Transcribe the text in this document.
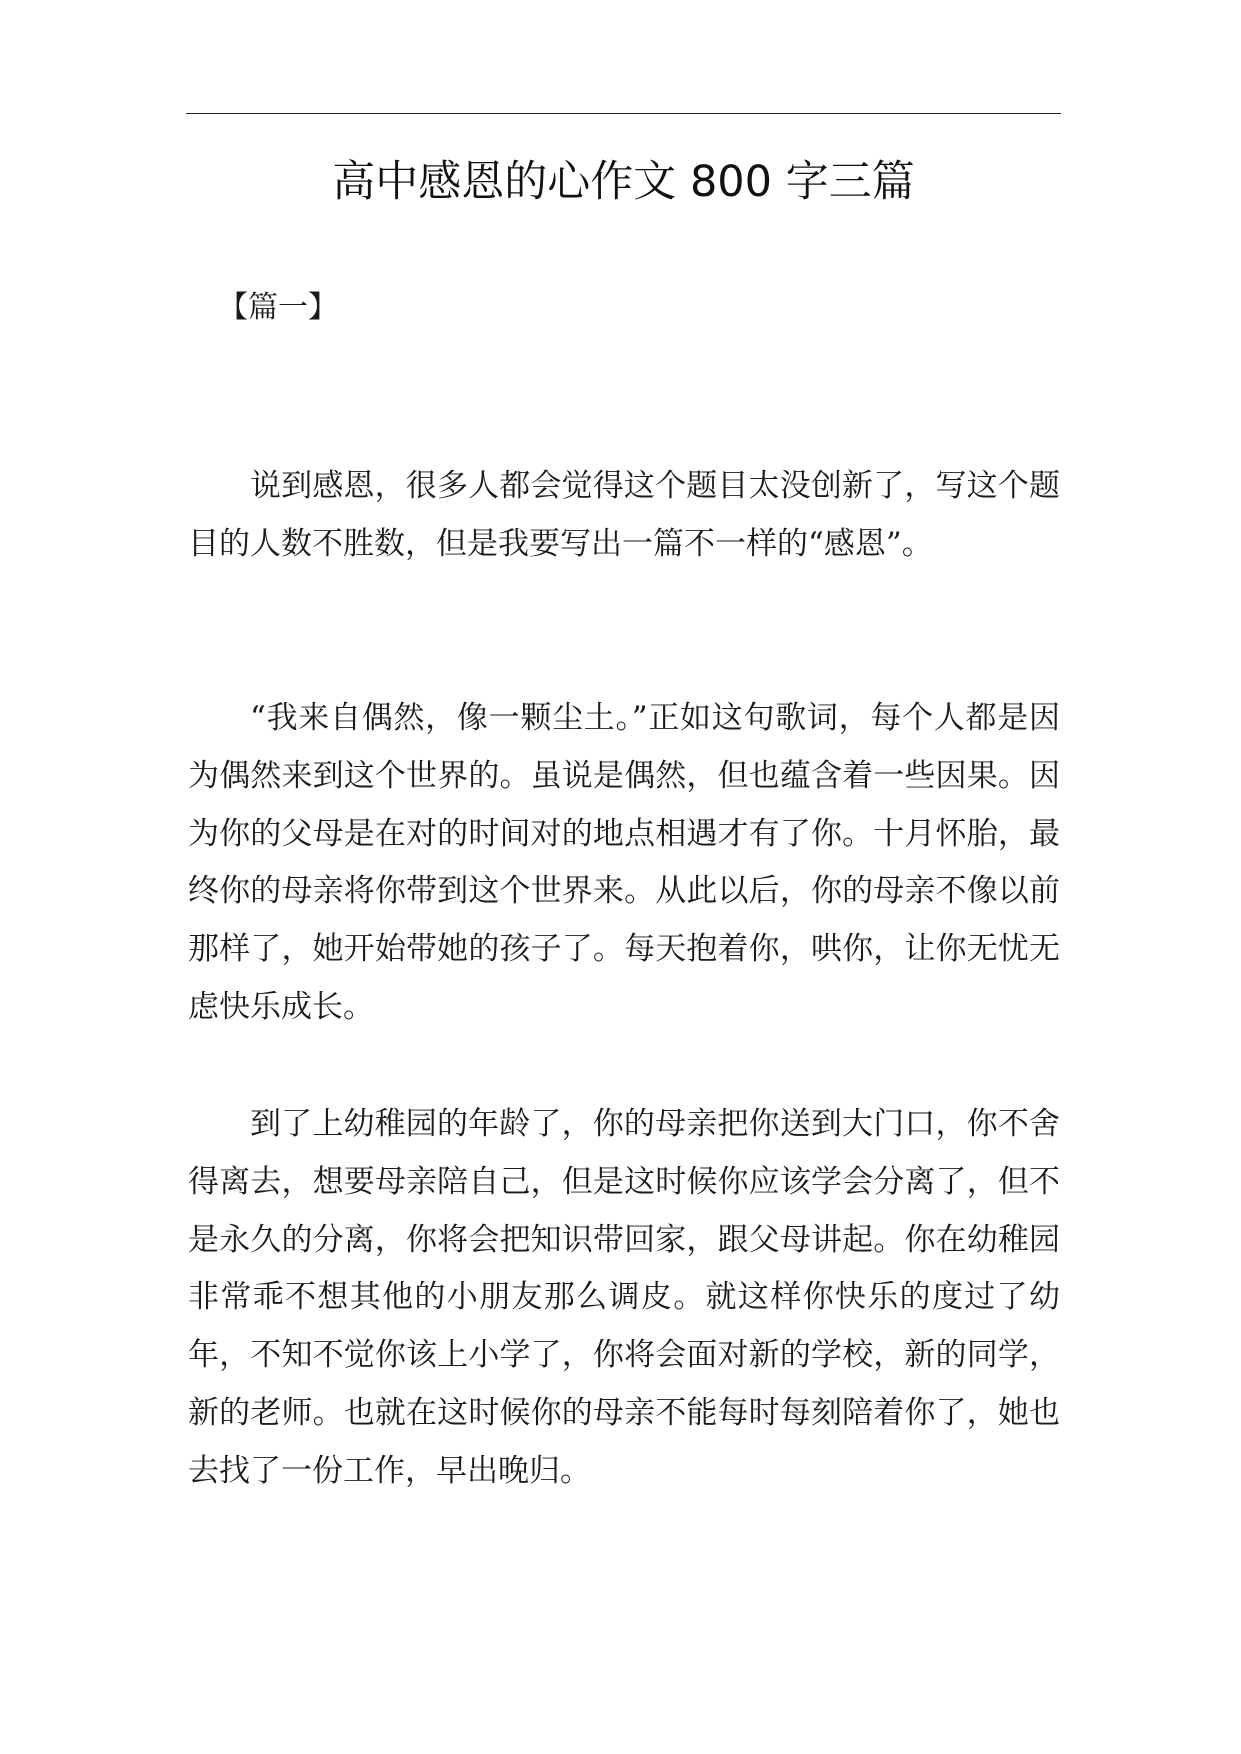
高中感恩的心作文 800 字三篇
【篇一】

说到感恩，很多人都会觉得这个题目太没创新了，写这个题目的人数不胜数，但是我要写出一篇不一样的“感恩”。

“我来自偶然，像一颗尘土。”正如这句歌词，每个人都是因为偶然来到这个世界的。虽说是偶然，但也蕴含着一些因果。因为你的父母是在对的时间对的地点相遇才有了你。十月怀胎，最终你的母亲将你带到这个世界来。从此以后，你的母亲不像以前那样了，她开始带她的孩子了。每天抱着你，哄你，让你无忧无虑快乐成长。

到了上幼稚园的年龄了，你的母亲把你送到大门口，你不舍得离去，想要母亲陪自己，但是这时候你应该学会分离了，但不是永久的分离，你将会把知识带回家，跟父母讲起。你在幼稚园非常乖不想其他的小朋友那么调皮。就这样你快乐的度过了幼年，不知不觉你该上小学了，你将会面对新的学校，新的同学，新的老师。也就在这时候你的母亲不能每时每刻陪着你了，她也去找了一份工作，早出晚归。
